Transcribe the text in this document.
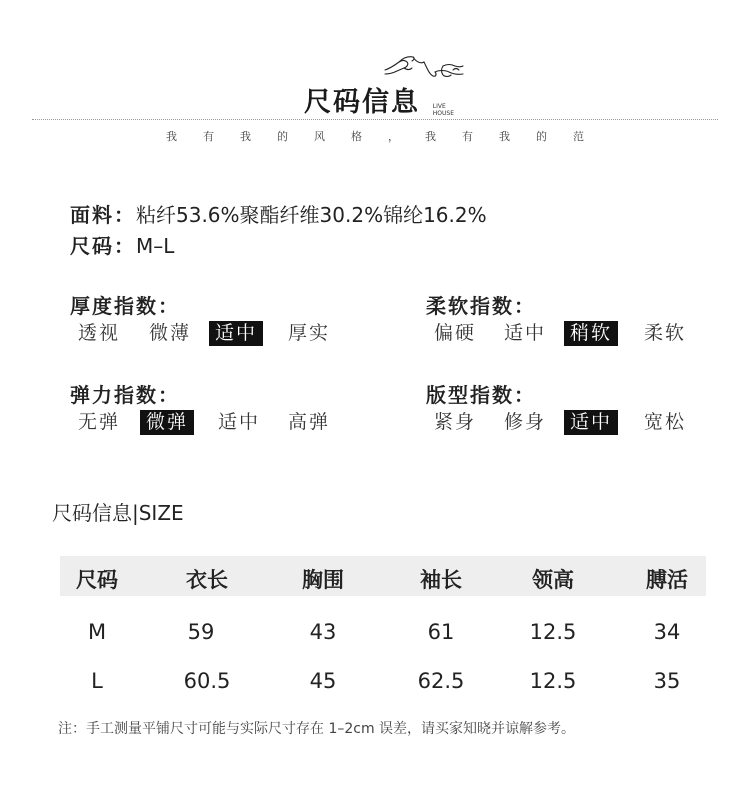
尺码信息 LIVE
HOUSE
我 有 我 的 风 格 ， 我 有 我 的 范
面料：粘纤53.6%聚酯纤维30.2%锦纶16.2%
尺码：M–L
厚度指数：
透视	微薄	适中	厚实
柔软指数：
偏硬	适中	稍软	柔软
弹力指数：
无弹	微弹	适中	高弹
版型指数：
紧身	修身	适中	宽松
尺码信息|SIZE
尺码	衣长	胸围	袖长	领高	膊活
M	59	43	61	12.5	34
L	60.5	45	62.5	12.5	35
注：手工测量平铺尺寸可能与实际尺寸存在 1–2cm 误差，请买家知晓并谅解参考。
